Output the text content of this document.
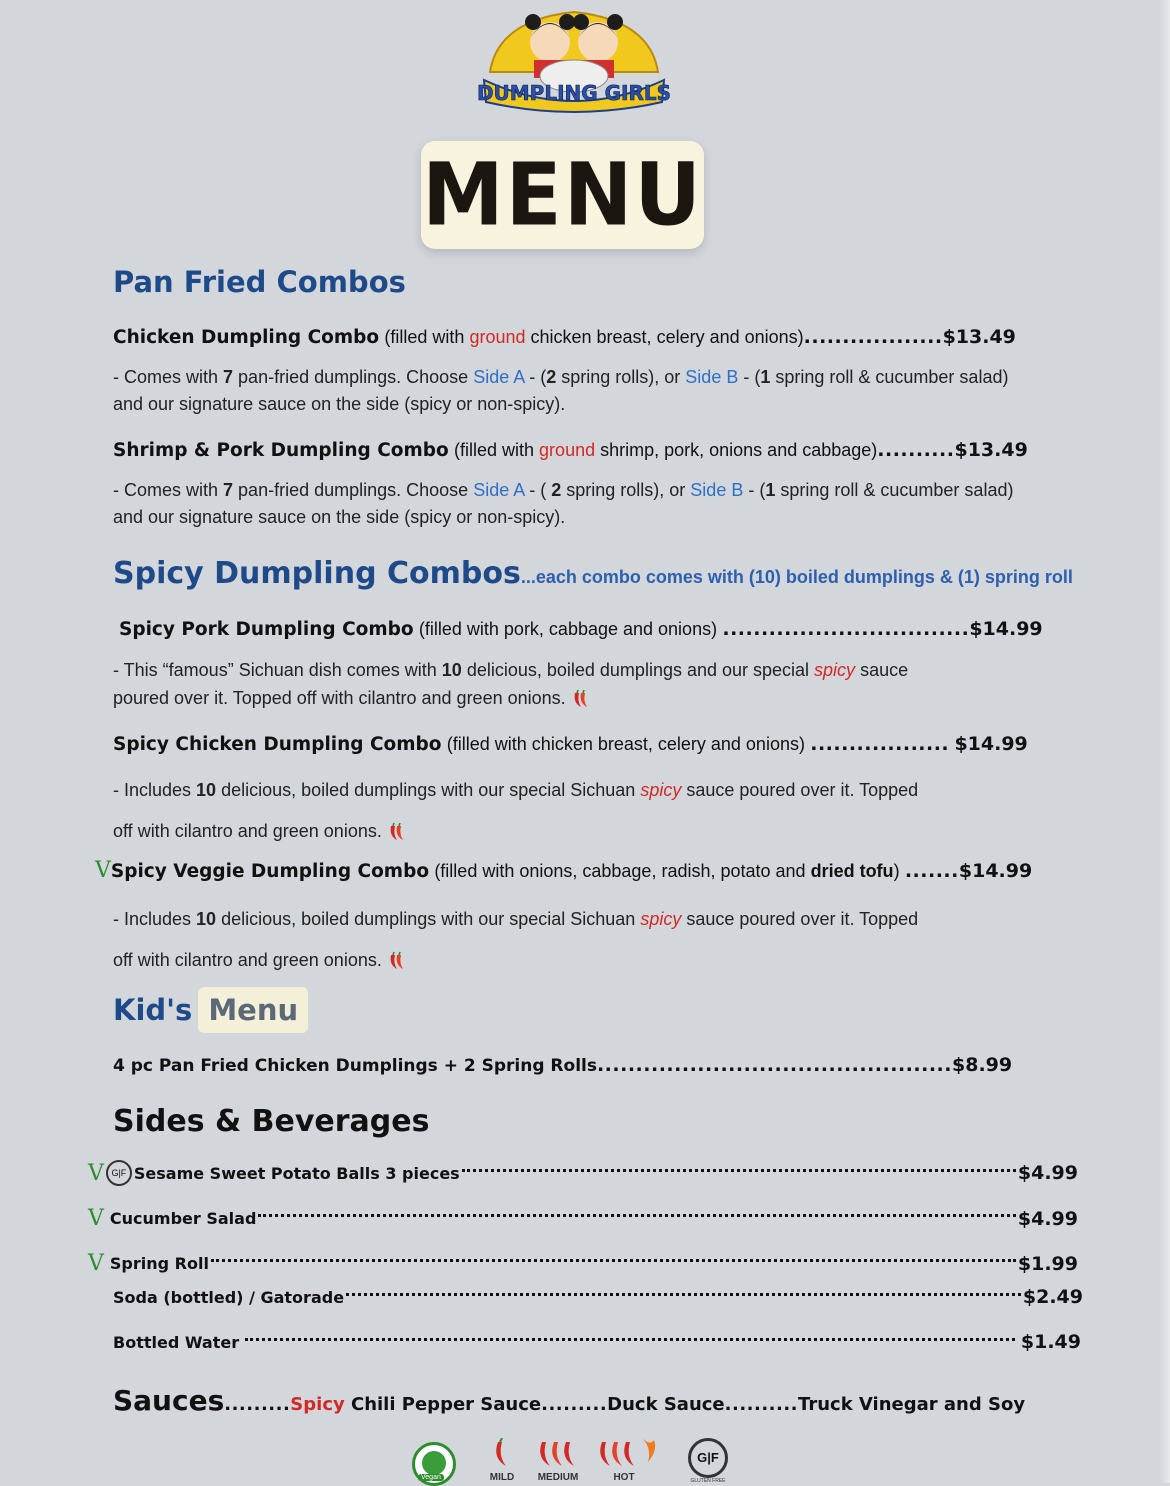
DUMPLING GIRLS
MENU
Pan Fried Combos
Chicken Dumpling Combo (filled with ground chicken breast, celery and onions)..................$13.49
- Comes with 7 pan-fried dumplings. Choose Side A - (2 spring rolls), or Side B - (1 spring roll & cucumber salad)
and our signature sauce on the side (spicy or non-spicy).
Shrimp & Pork Dumpling Combo (filled with ground shrimp, pork, onions and cabbage)..........$13.49
- Comes with 7 pan-fried dumplings. Choose Side A - ( 2 spring rolls), or Side B - (1 spring roll & cucumber salad)
and our signature sauce on the side (spicy or non-spicy).
Spicy Dumpling Combos...each combo comes with (10) boiled dumplings & (1) spring roll
Spicy Pork Dumpling Combo (filled with pork, cabbage and onions) ................................$14.99
- This “famous” Sichuan dish comes with 10 delicious, boiled dumplings and our special spicy sauce
poured over it. Topped off with cilantro and green onions.
Spicy Chicken Dumpling Combo (filled with chicken breast, celery and onions) .................. $14.99
- Includes 10 delicious, boiled dumplings with our special Sichuan spicy sauce poured over it. Topped
off with cilantro and green onions.
VSpicy Veggie Dumpling Combo (filled with onions, cabbage, radish, potato and dried tofu) .......$14.99
- Includes 10 delicious, boiled dumplings with our special Sichuan spicy sauce poured over it. Topped
off with cilantro and green onions.
Kid's Menu
4 pc Pan Fried Chicken Dumplings + 2 Spring Rolls..............................................$8.99
Sides & Beverages
V G|F Sesame Sweet Potato Balls 3 pieces	$4.99
V Cucumber Salad	$4.99
V Spring Roll	$1.99
Soda (bottled) / Gatorade	$2.49
Bottled Water	$1.49
Sauces.........Spicy Chili Pepper Sauce.........Duck Sauce..........Truck Vinegar and Soy
Vegan	MILD	MEDIUM	HOT
G|F
GLUTEN FREE
